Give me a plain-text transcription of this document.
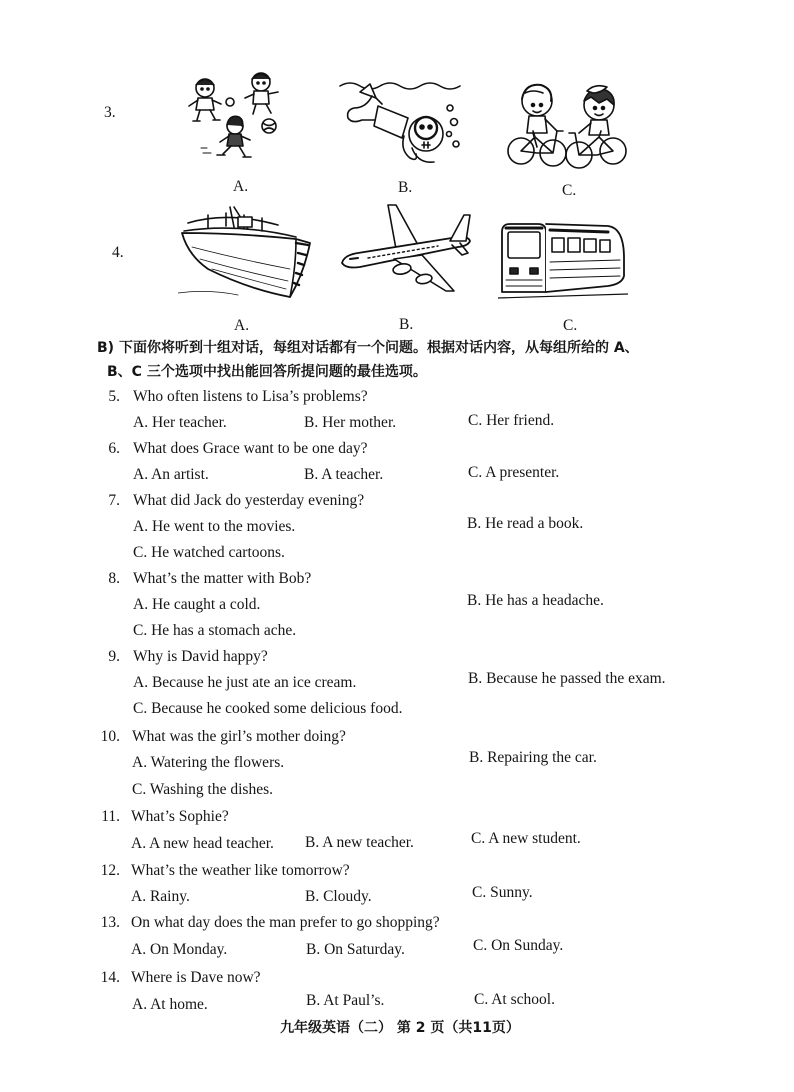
3.
A.	B.	C.
4.
A.	B.	C.
B) 下面你将听到十组对话，每组对话都有一个问题。根据对话内容，从每组所给的 A、
B、C 三个选项中找出能回答所提问题的最佳选项。
5. Who often listens to Lisa’s problems?
A. Her teacher.	B. Her mother.	C. Her friend.
6. What does Grace want to be one day?
A. An artist.	B. A teacher.	C. A presenter.
7. What did Jack do yesterday evening?
A. He went to the movies.	B. He read a book.
C. He watched cartoons.
8. What’s the matter with Bob?
A. He caught a cold.	B. He has a headache.
C. He has a stomach ache.
9. Why is David happy?
A. Because he just ate an ice cream.	B. Because he passed the exam.
C. Because he cooked some delicious food.
10. What was the girl’s mother doing?
A. Watering the flowers.	B. Repairing the car.
C. Washing the dishes.
11. What’s Sophie?
A. A new head teacher. B. A new teacher.	C. A new student.
12. What’s the weather like tomorrow?
A. Rainy.	B. Cloudy.	C. Sunny.
13. On what day does the man prefer to go shopping?
A. On Monday.	B. On Saturday.	C. On Sunday.
14. Where is Dave now?
A. At home.	B. At Paul’s.	C. At school.
九年级英语（二） 第 2 页（共11页）
